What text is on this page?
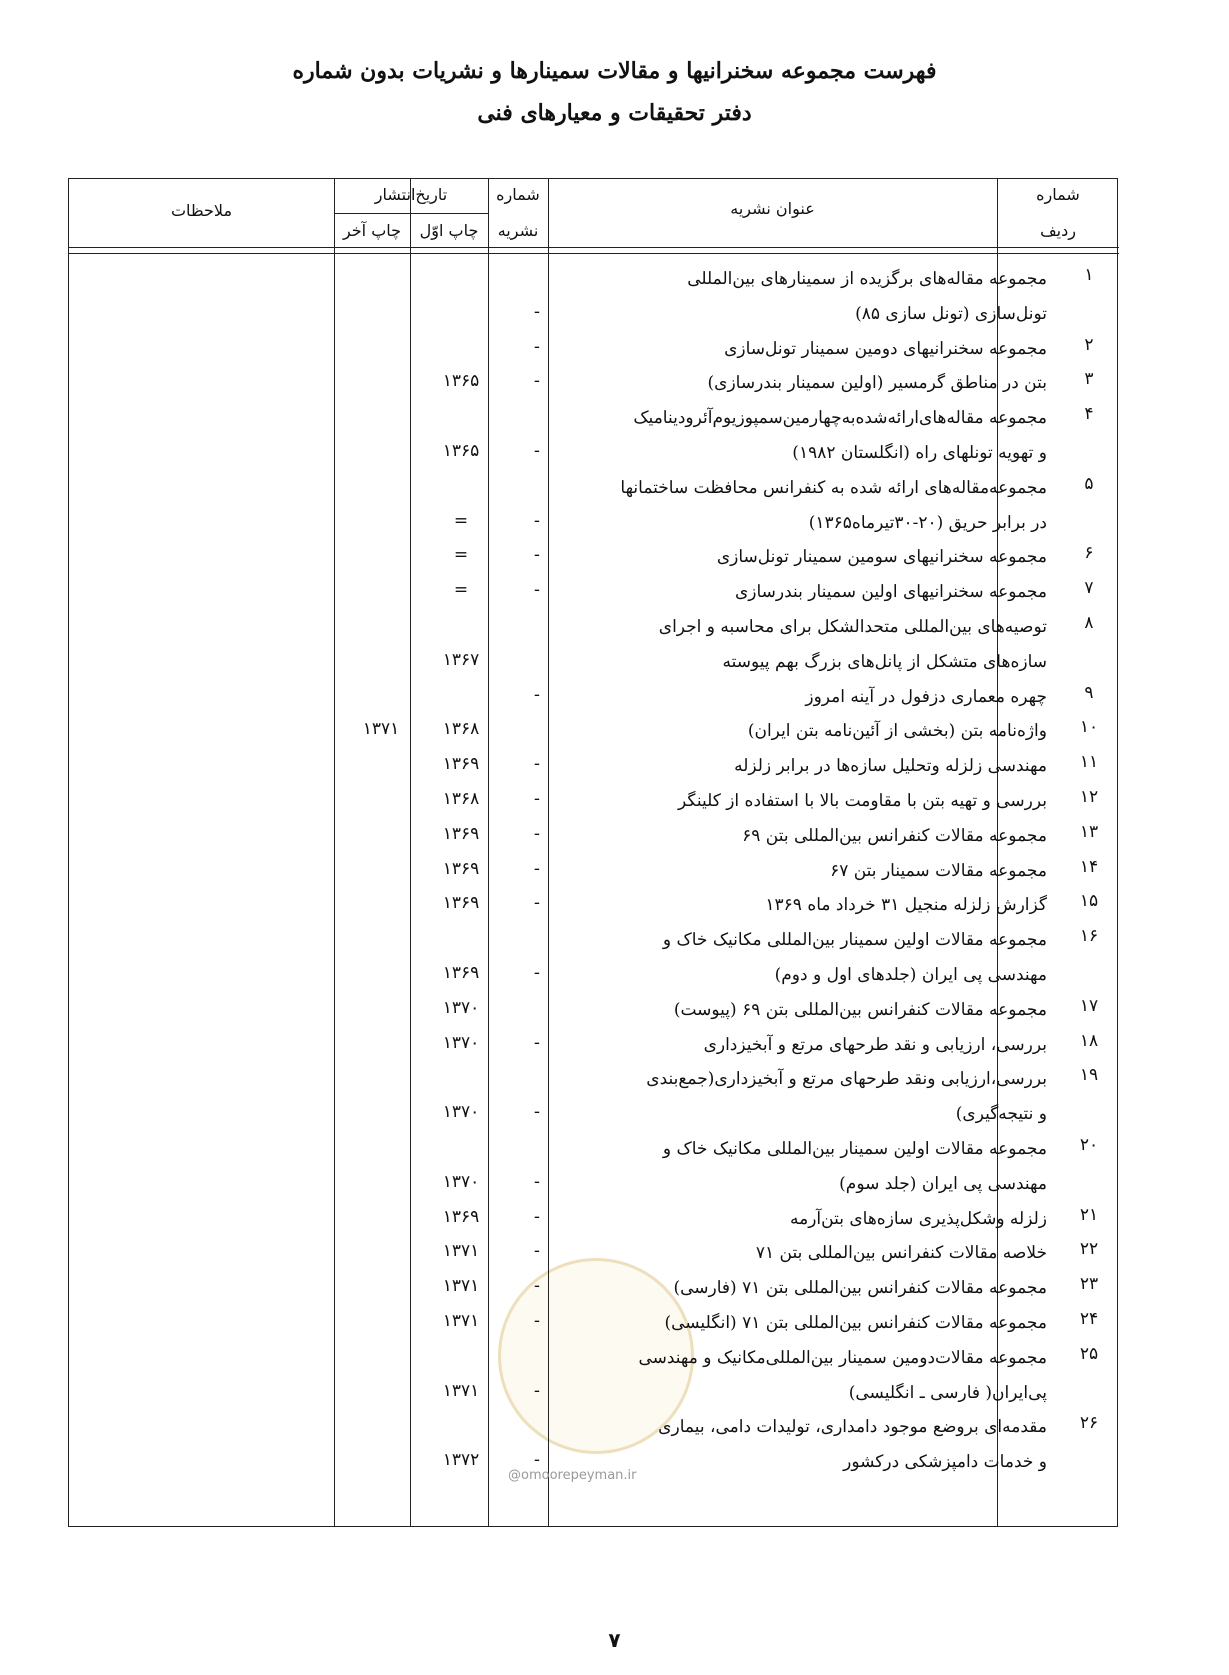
فهرست مجموعه سخنرانیها و مقالات سمینارها و نشریات بدون شماره
دفتر تحقیقات و معیارهای فنی
ملاحظات
تاریخ‌انتشار
چاپ آخر	چاپ اوّل
شماره
نشریه
عنوان نشریه
شماره
ردیف
۱
مجموعه مقاله‌های برگزیده از سمینارهای بین‌المللی
تونل‌سازی (تونل سازی ۸۵)
-
۲
مجموعه سخنرانیهای دومین سمینار تونل‌سازی
-
۳
بتن در مناطق گرمسیر (اولین سمینار بندرسازی)
-
۱۳۶۵
۴
مجموعه مقاله‌های‌ارائه‌شده‌به‌چهارمین‌سمپوزیوم‌آئرودینامیک
و تهویه تونلهای راه (انگلستان ۱۹۸۲)
-
۱۳۶۵
۵
مجموعه‌مقاله‌های ارائه شده به کنفرانس محافظت ساختمانها
در برابر حریق (۲۰-۳۰تیرماه۱۳۶۵)
-
=
۶
مجموعه سخنرانیهای سومین سمینار تونل‌سازی
-
=
۷
مجموعه سخنرانیهای اولین سمینار بندرسازی
-
=
۸
توصیه‌های بین‌المللی متحدالشکل برای محاسبه و اجرای
سازه‌های متشکل از پانل‌های بزرگ بهم پیوسته
۱۳۶۷
۹
چهره معماری دزفول در آینه امروز
-
۱۰
واژه‌نامه بتن (بخشی از آئین‌نامه بتن ایران)
۱۳۶۸
۱۳۷۱
۱۱
مهندسی زلزله وتحلیل سازه‌ها در برابر زلزله
-
۱۳۶۹
۱۲
بررسی و تهیه بتن با مقاومت بالا با استفاده از کلینگر
-
۱۳۶۸
۱۳
مجموعه مقالات کنفرانس بین‌المللی بتن ۶۹
-
۱۳۶۹
۱۴
مجموعه مقالات سمینار بتن ۶۷
-
۱۳۶۹
۱۵
گزارش زلزله منجیل ۳۱ خرداد ماه ۱۳۶۹
-
۱۳۶۹
۱۶
مجموعه مقالات اولین سمینار بین‌المللی مکانیک خاک و
مهندسی پی ایران (جلدهای اول و دوم)
-
۱۳۶۹
۱۷
مجموعه مقالات کنفرانس بین‌المللی بتن ۶۹ (پیوست)
۱۳۷۰
۱۸
بررسی، ارزیابی و نقد طرحهای مرتع و آبخیزداری
-
۱۳۷۰
۱۹
بررسی،ارزیابی ونقد طرحهای مرتع و آبخیزداری(جمع‌بندی
و نتیجه‌گیری)
-
۱۳۷۰
۲۰
مجموعه مقالات اولین سمینار بین‌المللی مکانیک خاک و
مهندسی پی ایران (جلد سوم)
-
۱۳۷۰
۲۱
زلزله وشکل‌پذیری سازه‌های بتن‌آرمه
-
۱۳۶۹
۲۲
خلاصه مقالات کنفرانس بین‌المللی بتن ۷۱
-
۱۳۷۱
۲۳
مجموعه مقالات کنفرانس بین‌المللی بتن ۷۱ (فارسی)
-
۱۳۷۱
۲۴
مجموعه مقالات کنفرانس بین‌المللی بتن ۷۱ (انگلیسی)
-
۱۳۷۱
۲۵
مجموعه مقالات‌دومین سمینار بین‌المللی‌مکانیک و مهندسی
پی‌ایران( فارسی ـ انگلیسی)
-
۱۳۷۱
۲۶
مقدمه‌ای بروضع موجود دامداری، تولیدات دامی، بیماری
و خدمات دامپزشکی درکشور
-
۱۳۷۲
@omoorepeyman.ir
۷
